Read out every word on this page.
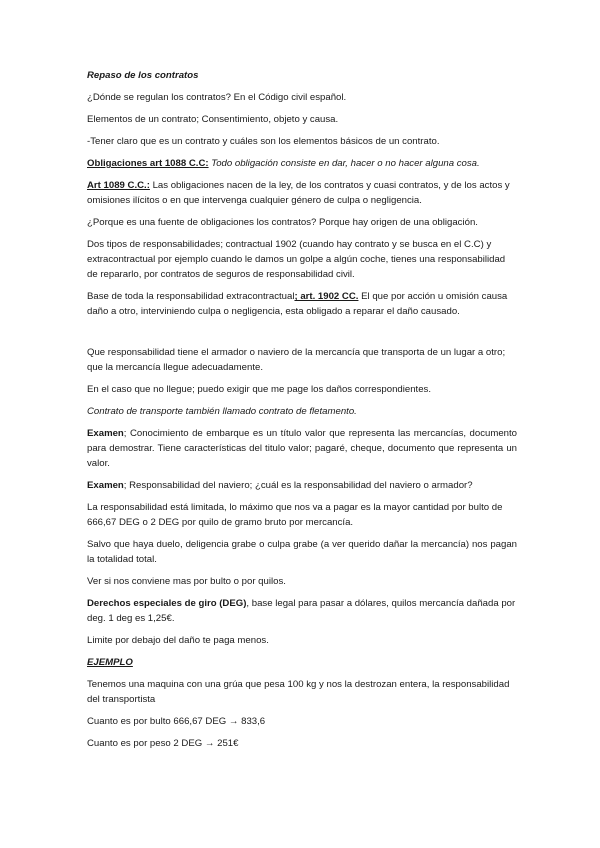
Repaso de los contratos

¿Dónde se regulan los contratos? En el Código civil español.

Elementos de un contrato; Consentimiento, objeto y causa.

-Tener claro que es un contrato y cuáles son los elementos básicos de un contrato.

Obligaciones art 1088 C.C: Todo obligación consiste en dar, hacer o no hacer alguna cosa.

Art 1089 C.C.: Las obligaciones nacen de la ley, de los contratos y cuasi contratos, y de los actos y omisiones ilícitos o en que intervenga cualquier género de culpa o negligencia.

¿Porque es una fuente de obligaciones los contratos? Porque hay origen de una obligación.

Dos tipos de responsabilidades; contractual 1902 (cuando hay contrato y se busca en el C.C) y extracontractual por ejemplo cuando le damos un golpe a algún coche, tienes una responsabilidad de repararlo, por contratos de seguros de responsabilidad civil.

Base de toda la responsabilidad extracontractual; art. 1902 CC. El que por acción u omisión causa daño a otro, interviniendo culpa o negligencia, esta obligado a reparar el daño causado.

Que responsabilidad tiene el armador o naviero de la mercancía que transporta de un lugar a otro; que la mercancía llegue adecuadamente.

En el caso que no llegue; puedo exigir que me page los daños correspondientes.

Contrato de transporte también llamado contrato de fletamento.

Examen; Conocimiento de embarque es un título valor que representa las mercancías, documento para demostrar. Tiene características del titulo valor; pagaré, cheque, documento que representa un valor.

Examen; Responsabilidad del naviero; ¿cuál es la responsabilidad del naviero o armador?

La responsabilidad está limitada, lo máximo que nos va a pagar es la mayor cantidad por bulto de 666,67 DEG o 2 DEG por quilo de gramo bruto por mercancía.

Salvo que haya duelo, deligencia grabe o culpa grabe (a ver querido dañar la mercancía) nos pagan la totalidad total.

Ver si nos conviene mas por bulto o por quilos.

Derechos especiales de giro (DEG), base legal para pasar a dólares, quilos mercancía dañada por deg. 1 deg es 1,25€.

Limite por debajo del daño te paga menos.

EJEMPLO

Tenemos una maquina con una grúa que pesa 100 kg y nos la destrozan entera, la responsabilidad del transportista

Cuanto es por bulto 666,67 DEG → 833,6

Cuanto es por peso 2 DEG → 251€
